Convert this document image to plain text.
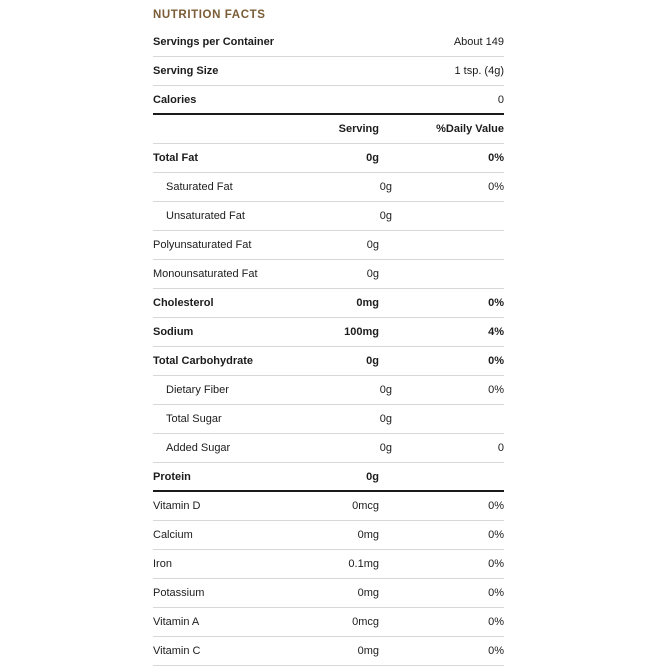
NUTRITION FACTS
Servings per Container	About 149
Serving Size	1 tsp. (4g)
Calories	0
Serving	%Daily Value
Total Fat	0g	0%
Saturated Fat	0g	0%
Unsaturated Fat	0g
Polyunsaturated Fat	0g
Monounsaturated Fat	0g
Cholesterol	0mg	0%
Sodium	100mg	4%
Total Carbohydrate	0g	0%
Dietary Fiber	0g	0%
Total Sugar	0g
Added Sugar	0g	0
Protein	0g
Vitamin D	0mcg	0%
Calcium	0mg	0%
Iron	0.1mg	0%
Potassium	0mg	0%
Vitamin A	0mcg	0%
Vitamin C	0mg	0%
